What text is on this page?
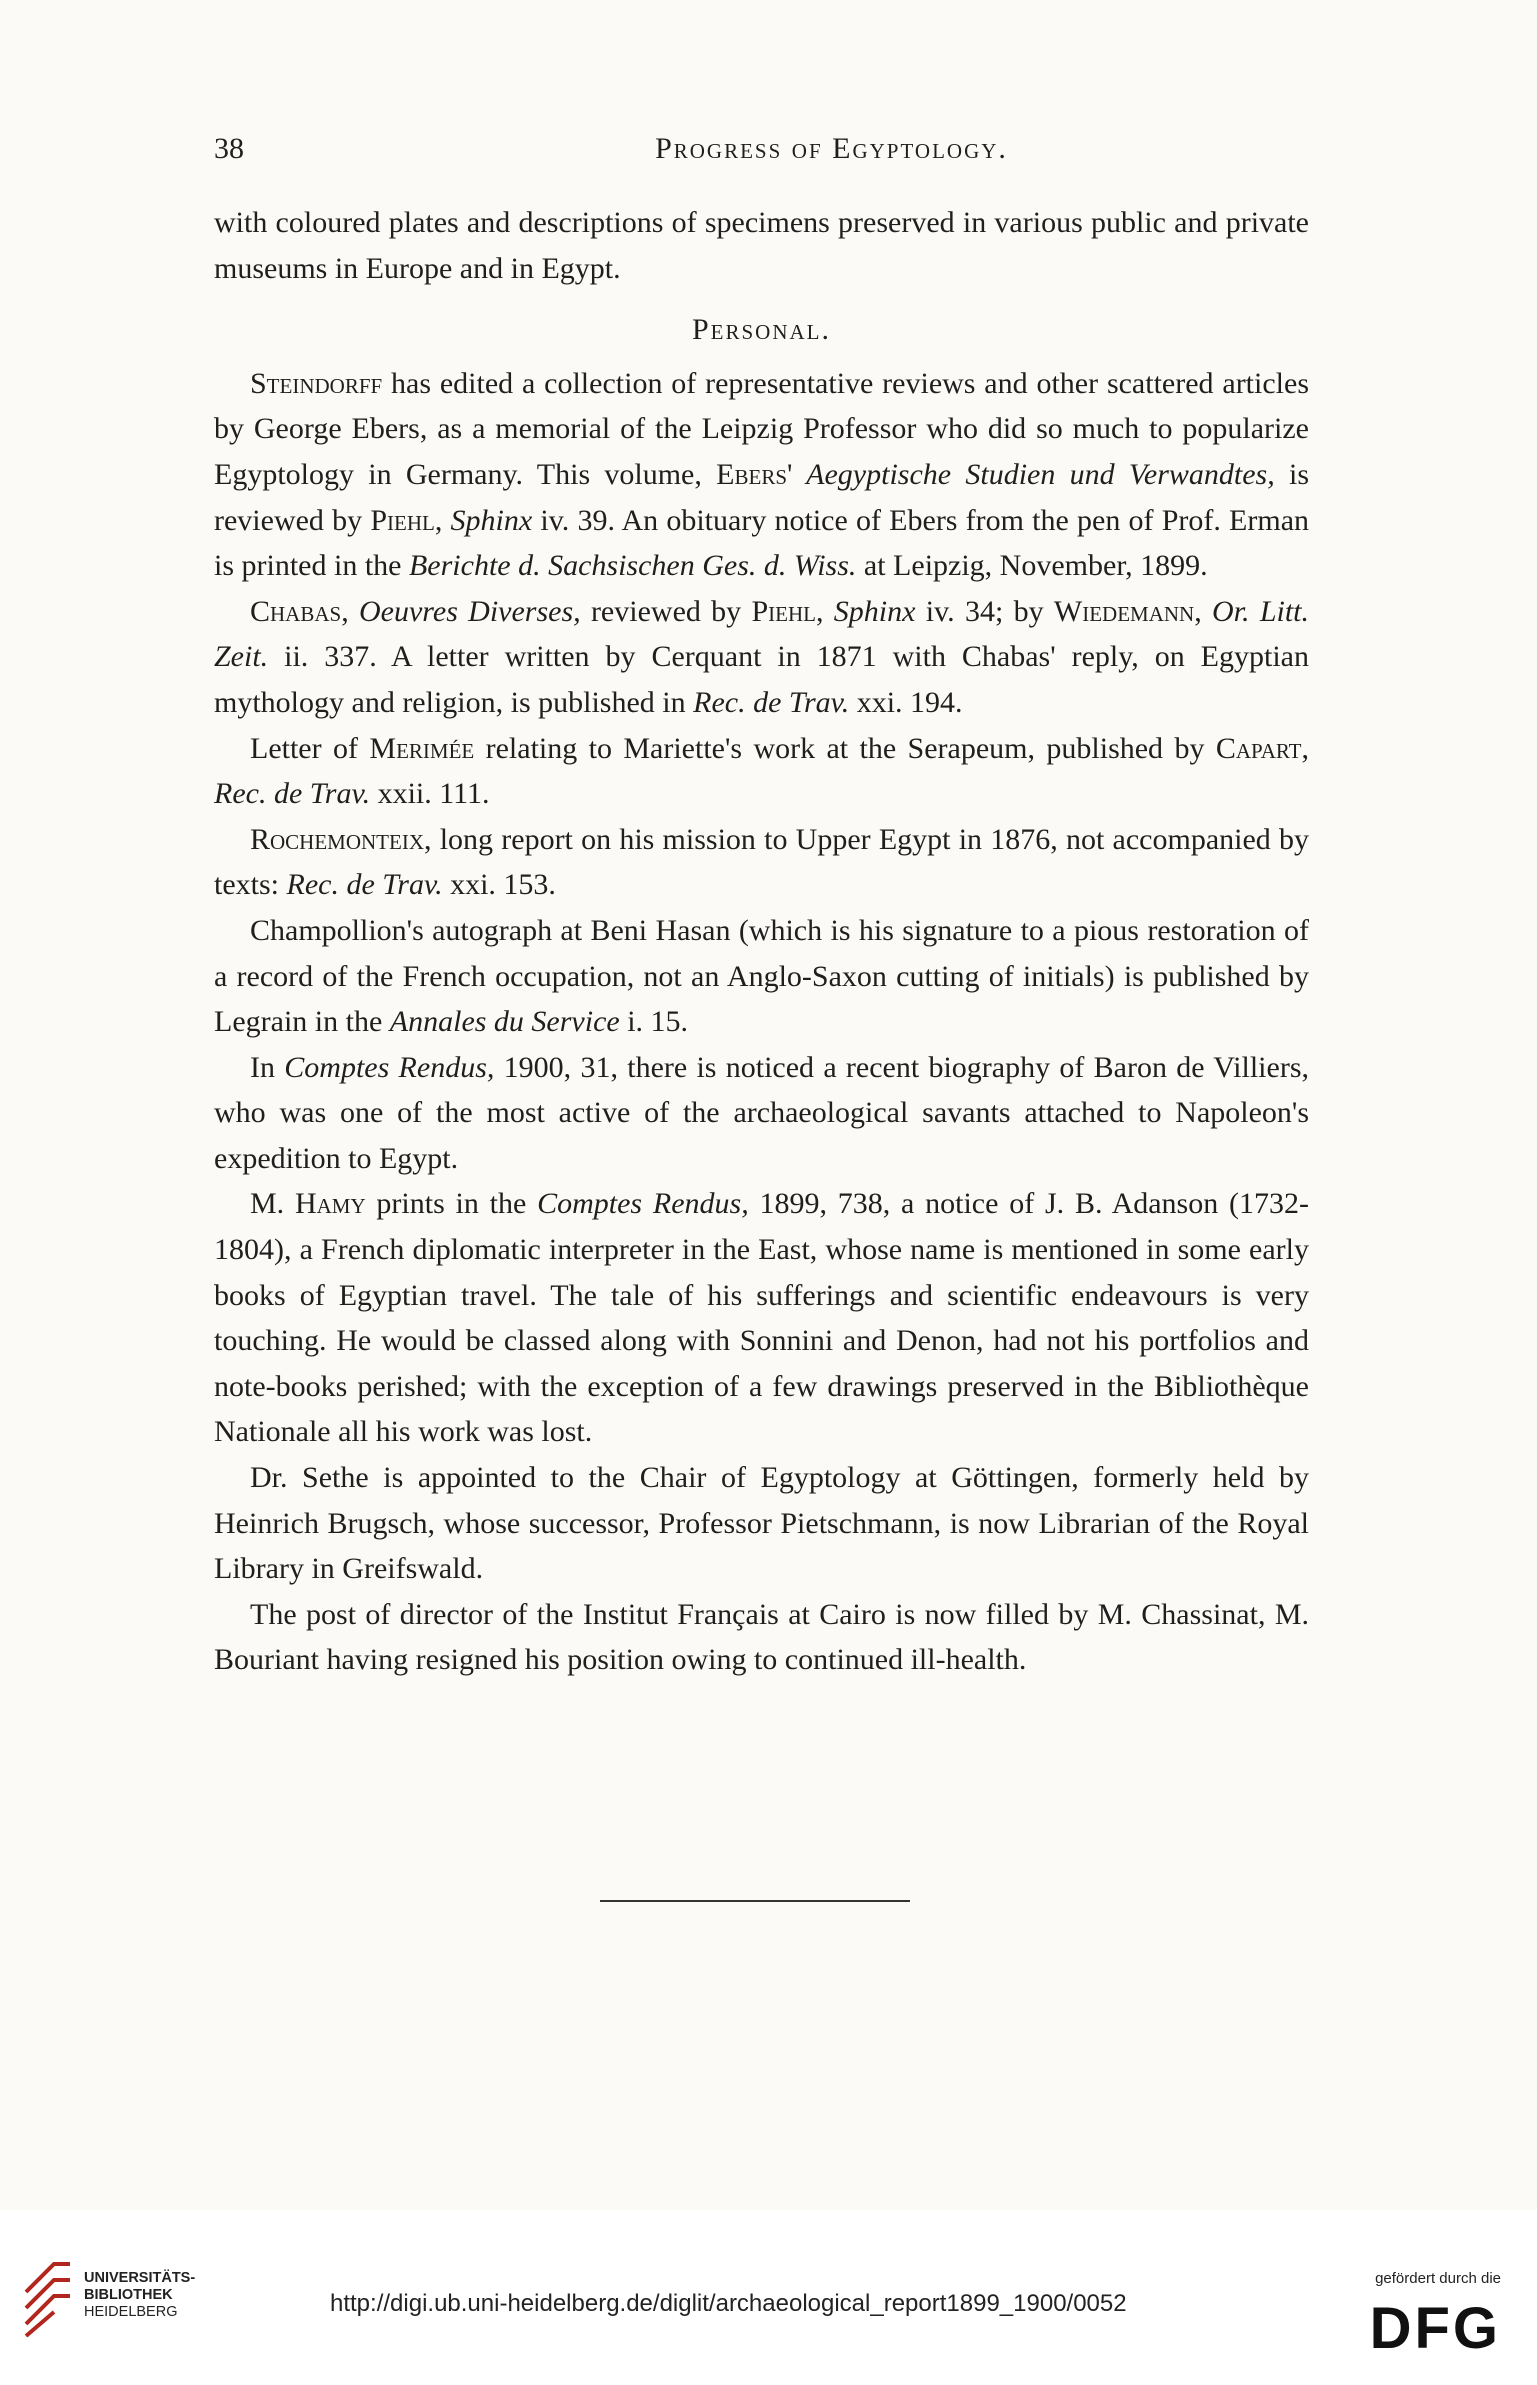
38	Progress of Egyptology.

with coloured plates and descriptions of specimens preserved in various public and private museums in Europe and in Egypt.

Personal.

Steindorff has edited a collection of representative reviews and other scattered articles by George Ebers, as a memorial of the Leipzig Professor who did so much to popularize Egyptology in Germany. This volume, Ebers' Aegyptische Studien und Verwandtes, is reviewed by Piehl, Sphinx iv. 39. An obituary notice of Ebers from the pen of Prof. Erman is printed in the Berichte d. Sachsischen Ges. d. Wiss. at Leipzig, November, 1899.

Chabas, Oeuvres Diverses, reviewed by Piehl, Sphinx iv. 34; by Wiedemann, Or. Litt. Zeit. ii. 337. A letter written by Cerquant in 1871 with Chabas' reply, on Egyptian mythology and religion, is published in Rec. de Trav. xxi. 194.

Letter of Merimée relating to Mariette's work at the Serapeum, published by Capart, Rec. de Trav. xxii. 111.

Rochemonteix, long report on his mission to Upper Egypt in 1876, not accompanied by texts: Rec. de Trav. xxi. 153.

Champollion's autograph at Beni Hasan (which is his signature to a pious restoration of a record of the French occupation, not an Anglo-Saxon cutting of initials) is published by Legrain in the Annales du Service i. 15.

In Comptes Rendus, 1900, 31, there is noticed a recent biography of Baron de Villiers, who was one of the most active of the archaeological savants attached to Napoleon's expedition to Egypt.

M. Hamy prints in the Comptes Rendus, 1899, 738, a notice of J. B. Adanson (1732-1804), a French diplomatic interpreter in the East, whose name is mentioned in some early books of Egyptian travel. The tale of his sufferings and scientific endeavours is very touching. He would be classed along with Sonnini and Denon, had not his portfolios and note-books perished; with the exception of a few drawings preserved in the Bibliothèque Nationale all his work was lost.

Dr. Sethe is appointed to the Chair of Egyptology at Göttingen, formerly held by Heinrich Brugsch, whose successor, Professor Pietschmann, is now Librarian of the Royal Library in Greifswald.

The post of director of the Institut Français at Cairo is now filled by M. Chassinat, M. Bouriant having resigned his position owing to continued ill-health.

UNIVERSITÄTS-
BIBLIOTHEK
HEIDELBERG	http://digi.ub.uni-heidelberg.de/diglit/archaeological_report1899_1900/0052
gefördert durch die
DFG
